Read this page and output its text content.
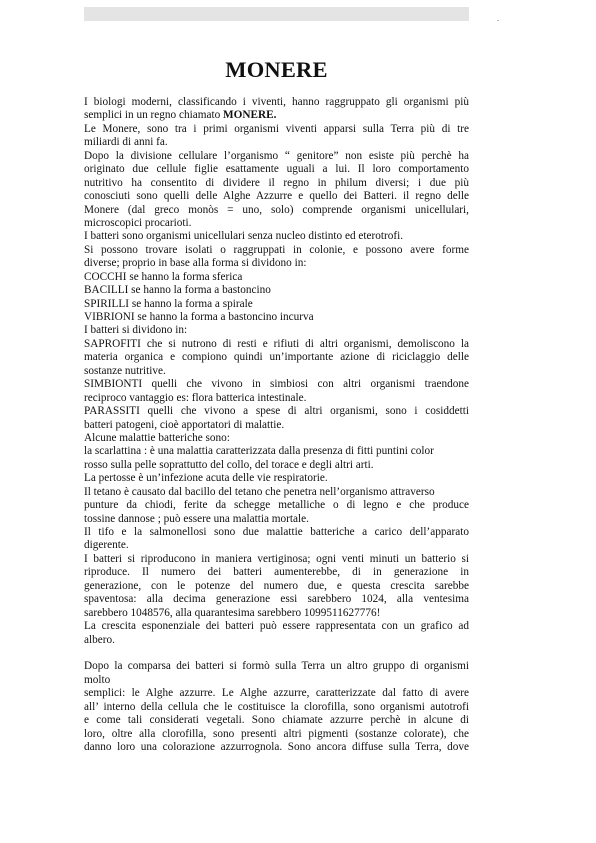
.
MONERE
I biologi moderni, classificando i viventi, hanno raggruppato gli organismi più
semplici in un regno chiamato MONERE.
Le Monere, sono tra i primi organismi viventi apparsi sulla Terra più di tre
miliardi di anni fa.
Dopo la divisione cellulare l’organismo “ genitore” non esiste più perchè ha
originato due cellule figlie esattamente uguali a lui. Il loro comportamento
nutritivo ha consentito di dividere il regno in philum diversi; i due più
conosciuti sono quelli delle Alghe Azzurre e quello dei Batteri. il regno delle
Monere (dal greco monòs = uno, solo) comprende organismi unicellulari,
microscopici procarioti.
I batteri sono organismi unicellulari senza nucleo distinto ed eterotrofi.
Si possono trovare isolati o raggruppati in colonie, e possono avere forme
diverse; proprio in base alla forma si dividono in:
COCCHI se hanno la forma sferica
BACILLI se hanno la forma a bastoncino
SPIRILLI se hanno la forma a spirale
VIBRIONI se hanno la forma a bastoncino incurva
I batteri si dividono in:
SAPROFITI che si nutrono di resti e rifiuti di altri organismi, demoliscono la
materia organica e compiono quindi un’importante azione di riciclaggio delle
sostanze nutritive.
SIMBIONTI quelli che vivono in simbiosi con altri organismi traendone
reciproco vantaggio es: flora batterica intestinale.
PARASSITI quelli che vivono a spese di altri organismi, sono i cosiddetti
batteri patogeni, cioè apportatori di malattie.
Alcune malattie batteriche sono:
la scarlattina : è una malattia caratterizzata dalla presenza di fitti puntini color
rosso sulla pelle soprattutto del collo, del torace e degli altri arti.
La pertosse è un’infezione acuta delle vie respiratorie.
Il tetano è causato dal bacillo del tetano che penetra nell’organismo attraverso
punture da chiodi, ferite da schegge metalliche o di legno e che produce
tossine dannose ; può essere una malattia mortale.
Il tifo e la salmonellosi sono due malattie batteriche a carico dell’apparato
digerente.
I batteri si riproducono in maniera vertiginosa; ogni venti minuti un batterio si
riproduce. Il numero dei batteri aumenterebbe, di in generazione in
generazione, con le potenze del numero due, e questa crescita sarebbe
spaventosa: alla decima generazione essi sarebbero 1024, alla ventesima
sarebbero 1048576, alla quarantesima sarebbero 1099511627776!
La crescita esponenziale dei batteri può essere rappresentata con un grafico ad
albero.
Dopo la comparsa dei batteri si formò sulla Terra un altro gruppo di organismi
molto
semplici: le Alghe azzurre. Le Alghe azzurre, caratterizzate dal fatto di avere
all’ interno della cellula che le costituisce la clorofilla, sono organismi autotrofi
e come tali considerati vegetali. Sono chiamate azzurre perchè in alcune di
loro, oltre alla clorofilla, sono presenti altri pigmenti (sostanze colorate), che
danno loro una colorazione azzurrognola. Sono ancora diffuse sulla Terra, dove
